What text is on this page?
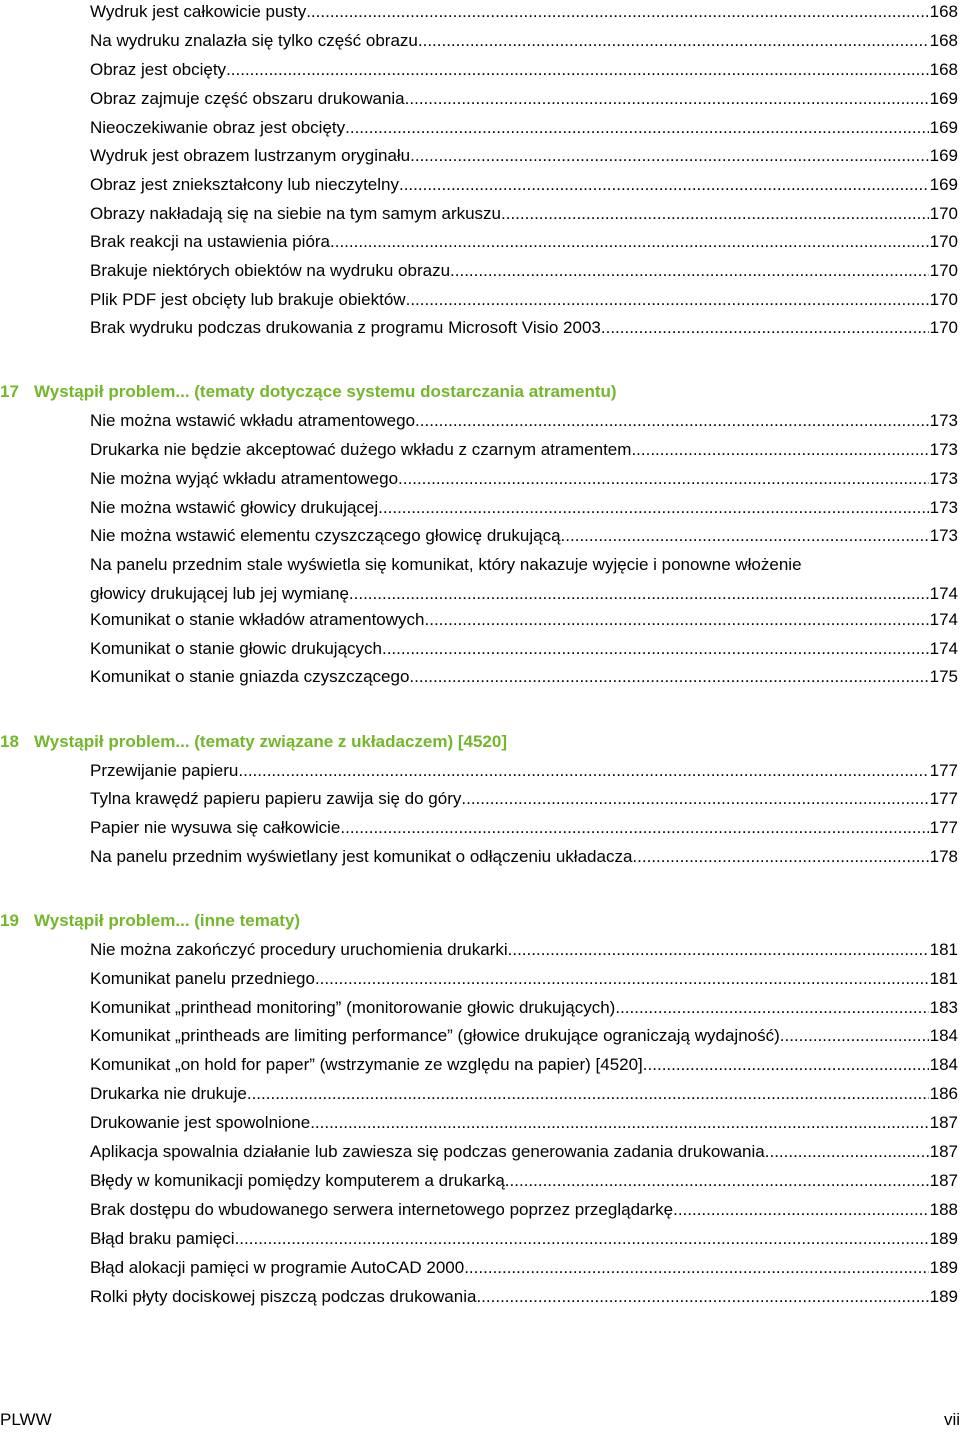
Wydruk jest całkowicie pusty .....	168
Na wydruku znalazła się tylko część obrazu .....	168
Obraz jest obcięty .....	168
Obraz zajmuje część obszaru drukowania .....	169
Nieoczekiwanie obraz jest obcięty .....	169
Wydruk jest obrazem lustrzanym oryginału .....	169
Obraz jest zniekształcony lub nieczytelny .....	169
Obrazy nakładają się na siebie na tym samym arkuszu .....	170
Brak reakcji na ustawienia pióra .....	170
Brakuje niektórych obiektów na wydruku obrazu .....	170
Plik PDF jest obcięty lub brakuje obiektów .....	170
Brak wydruku podczas drukowania z programu Microsoft Visio 2003 .....	170
17 Wystąpił problem... (tematy dotyczące systemu dostarczania atramentu)
Nie można wstawić wkładu atramentowego .....	173
Drukarka nie będzie akceptować dużego wkładu z czarnym atramentem .....	173
Nie można wyjąć wkładu atramentowego .....	173
Nie można wstawić głowicy drukującej .....	173
Nie można wstawić elementu czyszczącego głowicę drukującą .....	173
Na panelu przednim stale wyświetla się komunikat, który nakazuje wyjęcie i ponowne włożenie
głowicy drukującej lub jej wymianę .....	174
Komunikat o stanie wkładów atramentowych .....	174
Komunikat o stanie głowic drukujących .....	174
Komunikat o stanie gniazda czyszczącego .....	175
18 Wystąpił problem... (tematy związane z układaczem) [4520]
Przewijanie papieru .....	177
Tylna krawędź papieru papieru zawija się do góry .....	177
Papier nie wysuwa się całkowicie .....	177
Na panelu przednim wyświetlany jest komunikat o odłączeniu układacza. .....	178
19 Wystąpił problem... (inne tematy)
Nie można zakończyć procedury uruchomienia drukarki .....	181
Komunikat panelu przedniego .....	181
Komunikat „printhead monitoring” (monitorowanie głowic drukujących) .....	183
Komunikat „printheads are limiting performance” (głowice drukujące ograniczają wydajność) .....	184
Komunikat „on hold for paper” (wstrzymanie ze względu na papier) [4520] .....	184
Drukarka nie drukuje .....	186
Drukowanie jest spowolnione .....	187
Aplikacja spowalnia działanie lub zawiesza się podczas generowania zadania drukowania .....	187
Błędy w komunikacji pomiędzy komputerem a drukarką .....	187
Brak dostępu do wbudowanego serwera internetowego poprzez przeglądarkę .....	188
Błąd braku pamięci .....	189
Błąd alokacji pamięci w programie AutoCAD 2000 .....	189
Rolki płyty dociskowej piszczą podczas drukowania .....	189
PLWW	vii
